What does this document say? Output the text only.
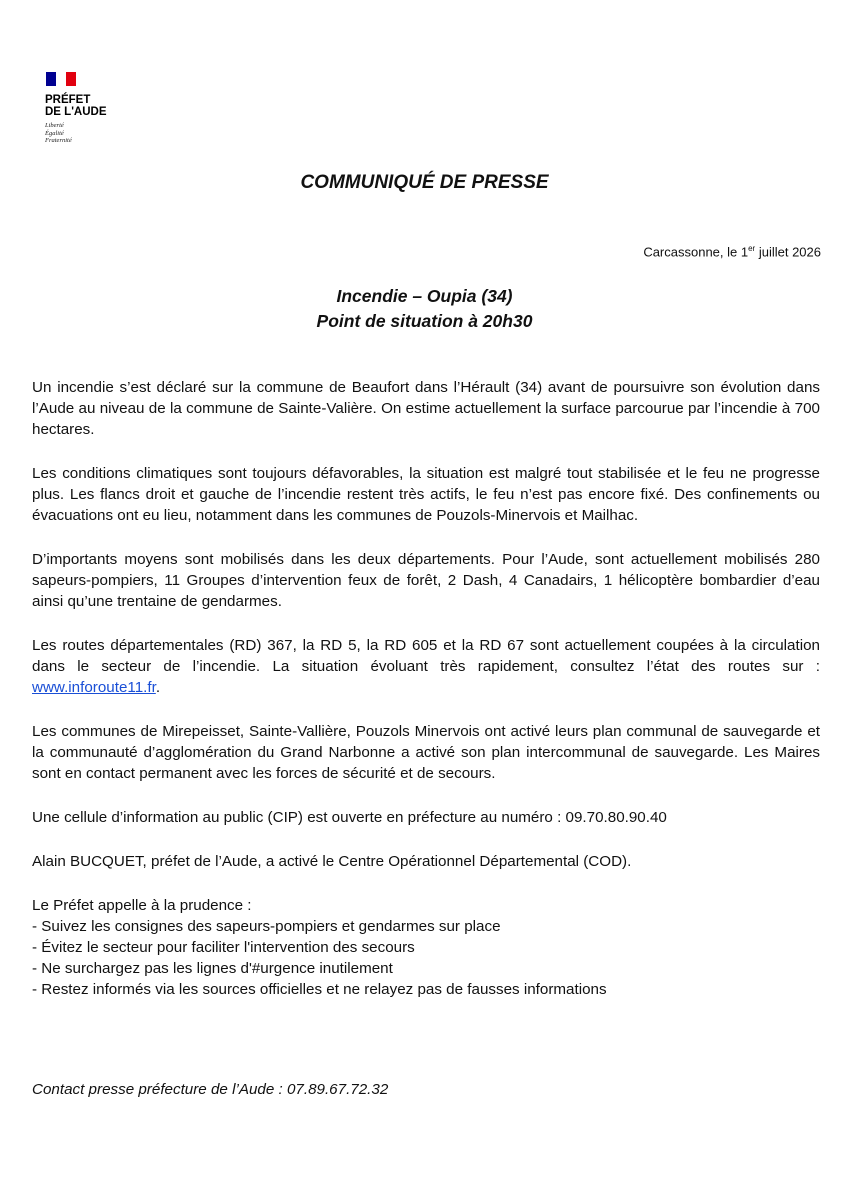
PRÉFET
DE L'AUDE
Liberté
Égalité
Fraternité
COMMUNIQUÉ DE PRESSE
Carcassonne, le 1er juillet 2026
Incendie – Oupia (34)
Point de situation à 20h30

Un incendie s’est déclaré sur la commune de Beaufort dans l’Hérault (34) avant de poursuivre son évolution dans l’Aude au niveau de la commune de Sainte-Valière. On estime actuellement la surface parcourue par l’incendie à 700 hectares.

Les conditions climatiques sont toujours défavorables, la situation est malgré tout stabilisée et le feu ne progresse plus. Les flancs droit et gauche de l’incendie restent très actifs, le feu n’est pas encore fixé. Des confinements ou évacuations ont eu lieu, notamment dans les communes de Pouzols-Minervois et Mailhac.

D’importants moyens sont mobilisés dans les deux départements. Pour l’Aude, sont actuellement mobilisés 280 sapeurs-pompiers, 11 Groupes d’intervention feux de forêt, 2 Dash, 4 Canadairs, 1 hélicoptère bombardier d’eau ainsi qu’une trentaine de gendarmes.

Les routes départementales (RD) 367, la RD 5, la RD 605 et la RD 67 sont actuellement coupées à la circulation dans le secteur de l’incendie. La situation évoluant très rapidement, consultez l’état des routes sur : www.inforoute11.fr.

Les communes de Mirepeisset, Sainte-Vallière, Pouzols Minervois ont activé leurs plan communal de sauvegarde et la communauté d’agglomération du Grand Narbonne a activé son plan intercommunal de sauvegarde. Les Maires sont en contact permanent avec les forces de sécurité et de secours.

Une cellule d’information au public (CIP) est ouverte en préfecture au numéro : 09.70.80.90.40

Alain BUCQUET, préfet de l’Aude, a activé le Centre Opérationnel Départemental (COD).

Le Préfet appelle à la prudence :

- Suivez les consignes des sapeurs-pompiers et gendarmes sur place
- Évitez le secteur pour faciliter l'intervention des secours
- Ne surchargez pas les lignes d'#urgence inutilement
- Restez informés via les sources officielles et ne relayez pas de fausses informations
Contact presse préfecture de l’Aude : 07.89.67.72.32
